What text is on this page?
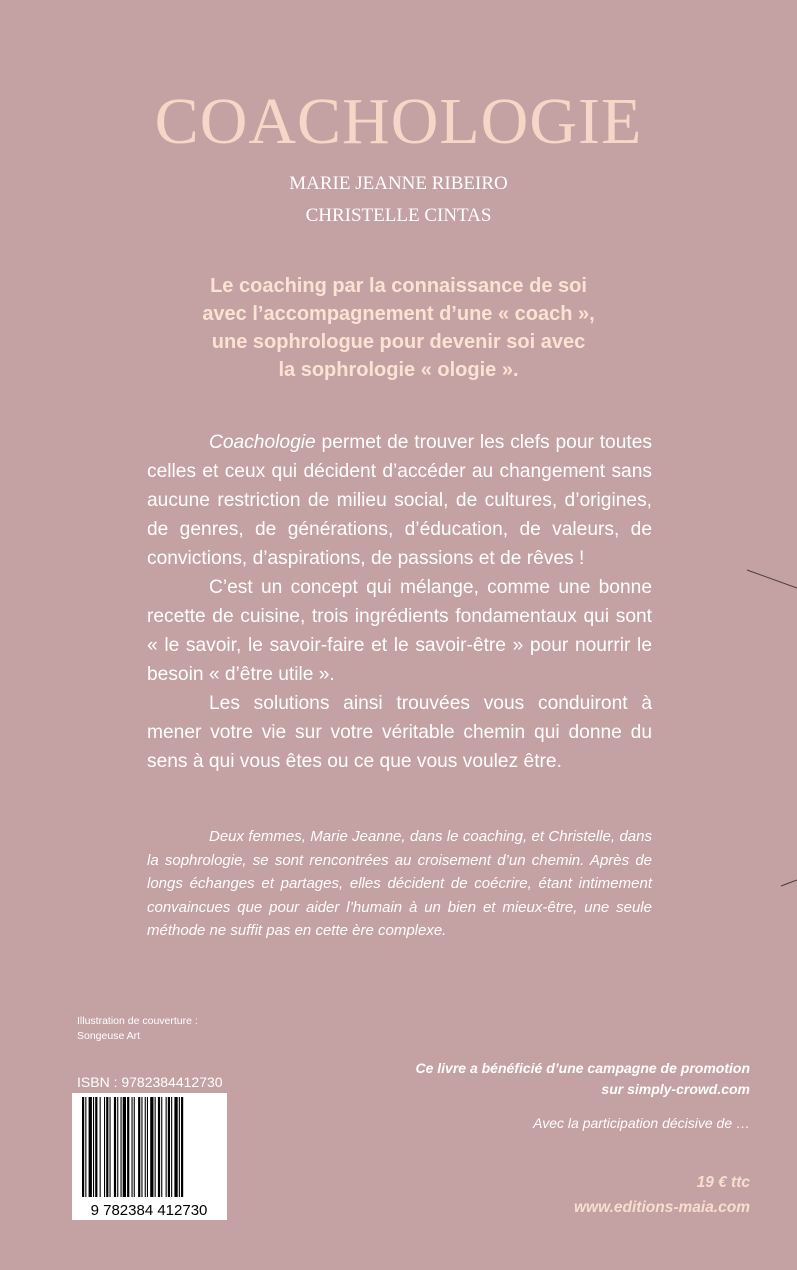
COACHOLOGIE
MARIE JEANNE RIBEIRO
CHRISTELLE CINTAS
Le coaching par la connaissance de soi
avec l’accompagnement d’une « coach »,
une sophrologue pour devenir soi avec
la sophrologie « ologie ».

Coachologie permet de trouver les clefs pour toutes celles et ceux qui décident d’accéder au changement sans aucune restriction de milieu social, de cultures, d’origines, de genres, de générations, d’éducation, de valeurs, de convictions, d’aspirations, de passions et de rêves !

C’est un concept qui mélange, comme une bonne recette de cuisine, trois ingrédients fondamentaux qui sont « le savoir, le savoir-faire et le savoir-être » pour nourrir le besoin « d’être utile ».

Les solutions ainsi trouvées vous conduiront à mener votre vie sur votre véritable chemin qui donne du sens à qui vous êtes ou ce que vous voulez être.

Deux femmes, Marie Jeanne, dans le coaching, et Christelle, dans la sophrologie, se sont rencontrées au croisement d’un chemin. Après de longs échanges et partages, elles décident de coécrire, étant intimement convaincues que pour aider l’humain à un bien et mieux-être, une seule méthode ne suffit pas en cette ère complexe.

Illustration de couverture :
Songeuse Art
ISBN : 9782384412730
9 782384 412730
Ce livre a bénéficié d’une campagne de promotion
sur simply-crowd.com
Avec la participation décisive de …
19 € ttc
www.editions-maia.com
